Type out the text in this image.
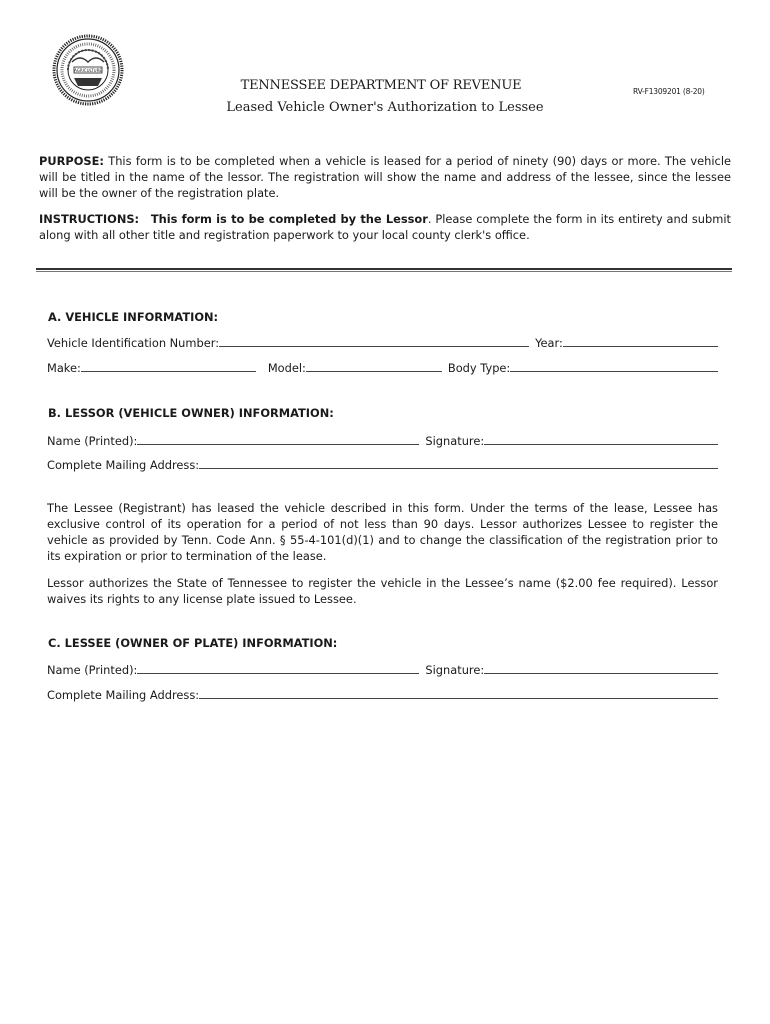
AGRICULTURE
TENNESSEE DEPARTMENT OF REVENUE
Leased Vehicle Owner's Authorization to Lessee
RV-F1309201 (8-20)
PURPOSE: This form is to be completed when a vehicle is leased for a period of ninety (90) days or more. The vehicle will be titled in the name of the lessor. The registration will show the name and address of the lessee, since the lessee will be the owner of the registration plate.
INSTRUCTIONS: This form is to be completed by the Lessor. Please complete the form in its entirety and submit along with all other title and registration paperwork to your local county clerk's office.
A. VEHICLE INFORMATION:
Vehicle Identification Number:	Year:
Make:	Model:	Body Type:
B. LESSOR (VEHICLE OWNER) INFORMATION:
Name (Printed):	Signature:
Complete Mailing Address:
The Lessee (Registrant) has leased the vehicle described in this form. Under the terms of the lease, Lessee has exclusive control of its operation for a period of not less than 90 days. Lessor authorizes Lessee to register the vehicle as provided by Tenn. Code Ann. § 55-4-101(d)(1) and to change the classification of the registration prior to its expiration or prior to termination of the lease.
Lessor authorizes the State of Tennessee to register the vehicle in the Lessee’s name ($2.00 fee required). Lessor waives its rights to any license plate issued to Lessee.
C. LESSEE (OWNER OF PLATE) INFORMATION:
Name (Printed):	Signature:
Complete Mailing Address:
